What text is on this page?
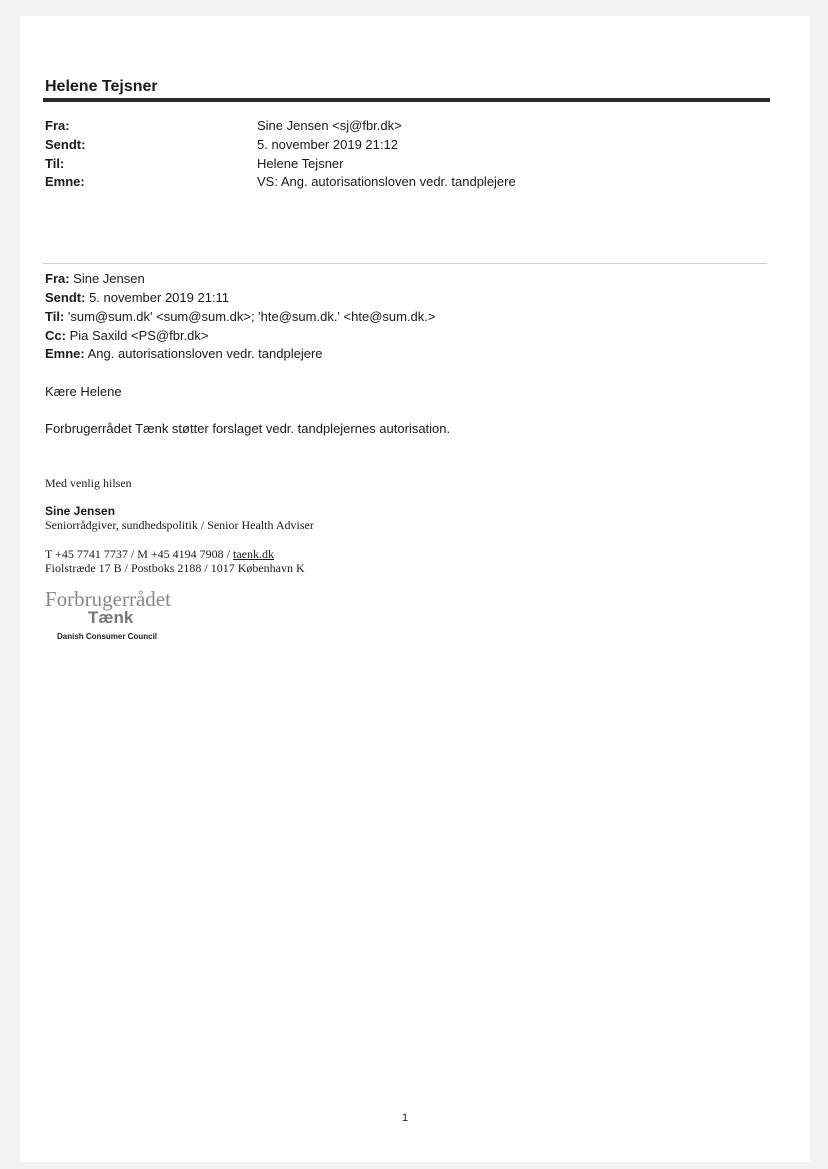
Helene Tejsner
Fra:	Sine Jensen <sj@fbr.dk>
Sendt:	5. november 2019 21:12
Til:	Helene Tejsner
Emne:	VS: Ang. autorisationsloven vedr. tandplejere
Fra: Sine Jensen
Sendt: 5. november 2019 21:11
Til: 'sum@sum.dk' <sum@sum.dk>; 'hte@sum.dk.' <hte@sum.dk.>
Cc: Pia Saxild <PS@fbr.dk>
Emne: Ang. autorisationsloven vedr. tandplejere
Kære Helene
Forbrugerrådet Tænk støtter forslaget vedr. tandplejernes autorisation.
Med venlig hilsen
Sine Jensen
Seniorrådgiver, sundhedspolitik / Senior Health Adviser
T +45 7741 7737 / M +45 4194 7908 / taenk.dk
Fiolstræde 17 B / Postboks 2188 / 1017 København K
Forbrugerrådet
Tænk
Danish Consumer Council
1
